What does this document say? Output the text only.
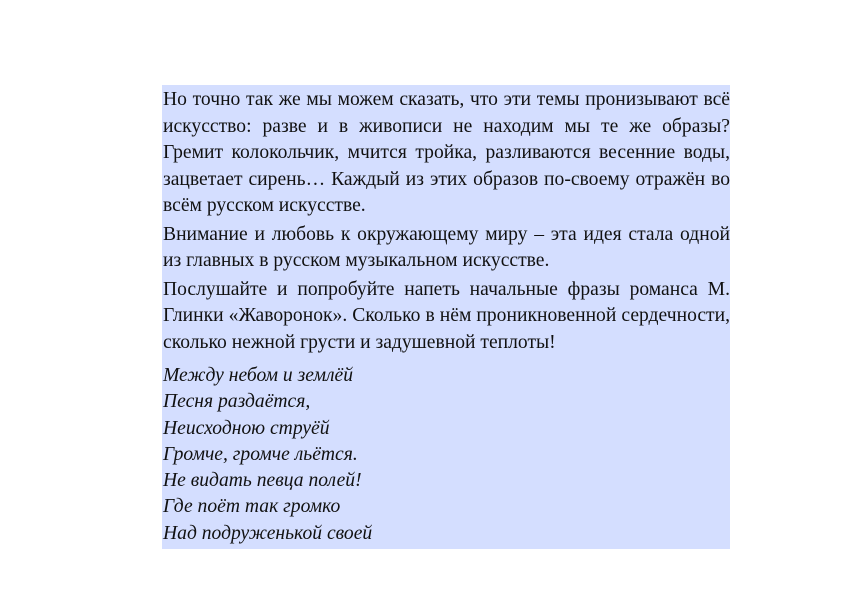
Но точно так же мы можем сказать, что эти темы пронизывают всё искусство: разве и в живописи не находим мы те же образы? Гремит колокольчик, мчится тройка, разливаются весенние воды, зацветает сирень… Каждый из этих образов по-своему отражён во всём русском искусстве.

Внимание и любовь к окружающему миру – эта идея стала одной из главных в русском музыкальном искусстве.

Послушайте и попробуйте напеть начальные фразы романса М. Глинки «Жаворонок». Сколько в нём проникновенной сердечности, сколько нежной грусти и задушевной теплоты!

Между небом и землёй
Песня раздаётся,
Неисходною струёй
Громче, громче льётся.
Не видать певца полей!
Где поёт так громко
Над подруженькой своей
